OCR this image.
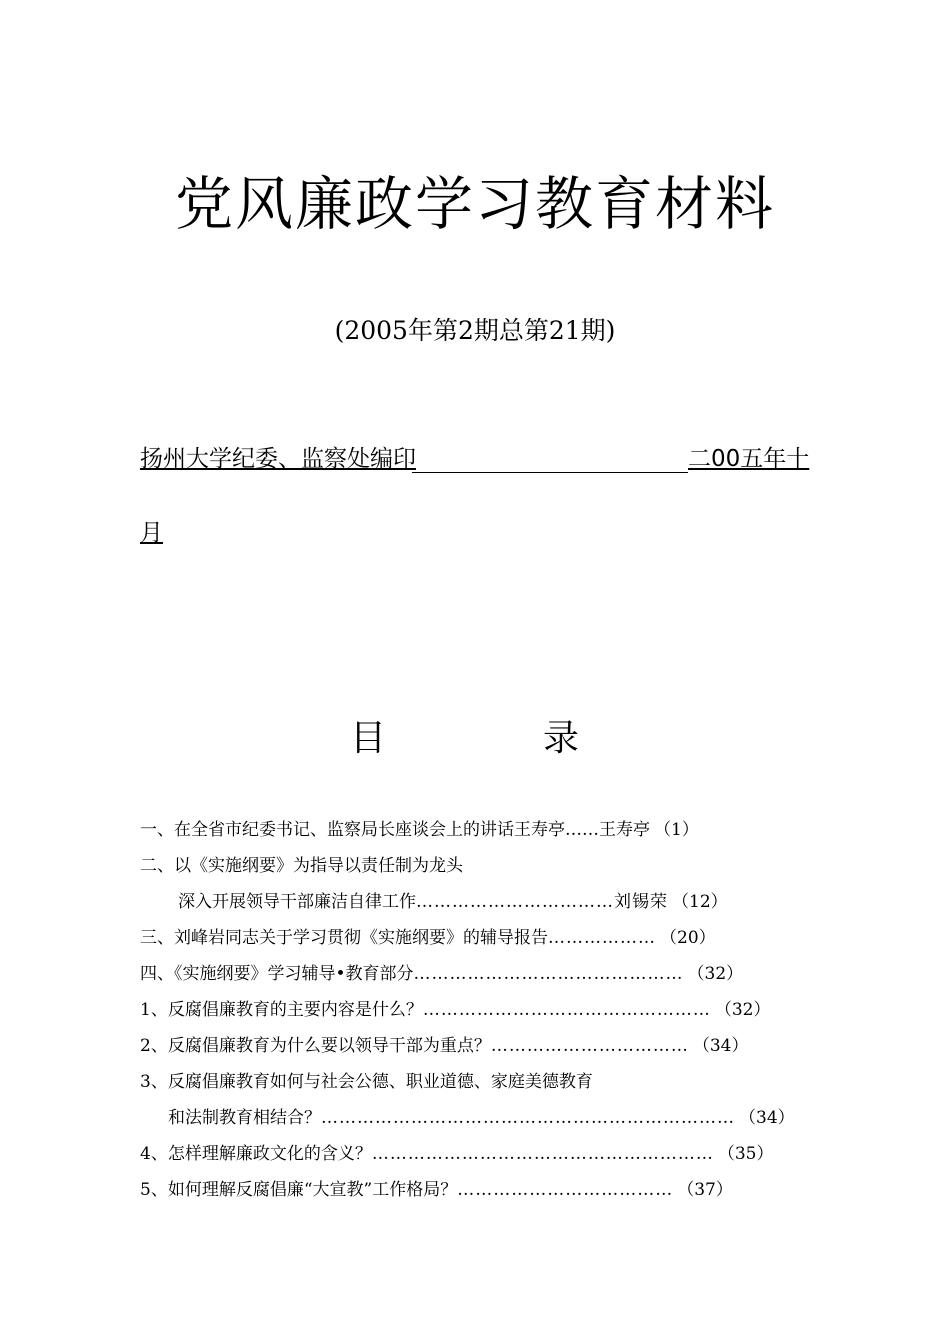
党风廉政学习教育材料
(2005年第2期总第21期)
扬州大学纪委、监察处编印	二00五年十
月
目	录
一、在全省市纪委书记、监察局长座谈会上的讲话王寿亭……王寿亭 （1）
二、以《实施纲要》为指导以责任制为龙头
深入开展领导干部廉洁自律工作 ……………………………刘锡荣 （12）
三、刘峰岩同志关于学习贯彻《实施纲要》的辅导报告 ……………… （20）
四、《实施纲要》学习辅导•教育部分 ……………………………………… （32）
1、反腐倡廉教育的主要内容是什么？ ………………………………………… （32）
2、反腐倡廉教育为什么要以领导干部为重点？ …………………………… （34）
3、反腐倡廉教育如何与社会公德、职业道德、家庭美德教育
和法制教育相结合？ …………………………………………………………… （34）
4、怎样理解廉政文化的含义？ ………………………………………………… （35）
5、如何理解反腐倡廉“大宣教”工作格局？ ……………………………… （37）
